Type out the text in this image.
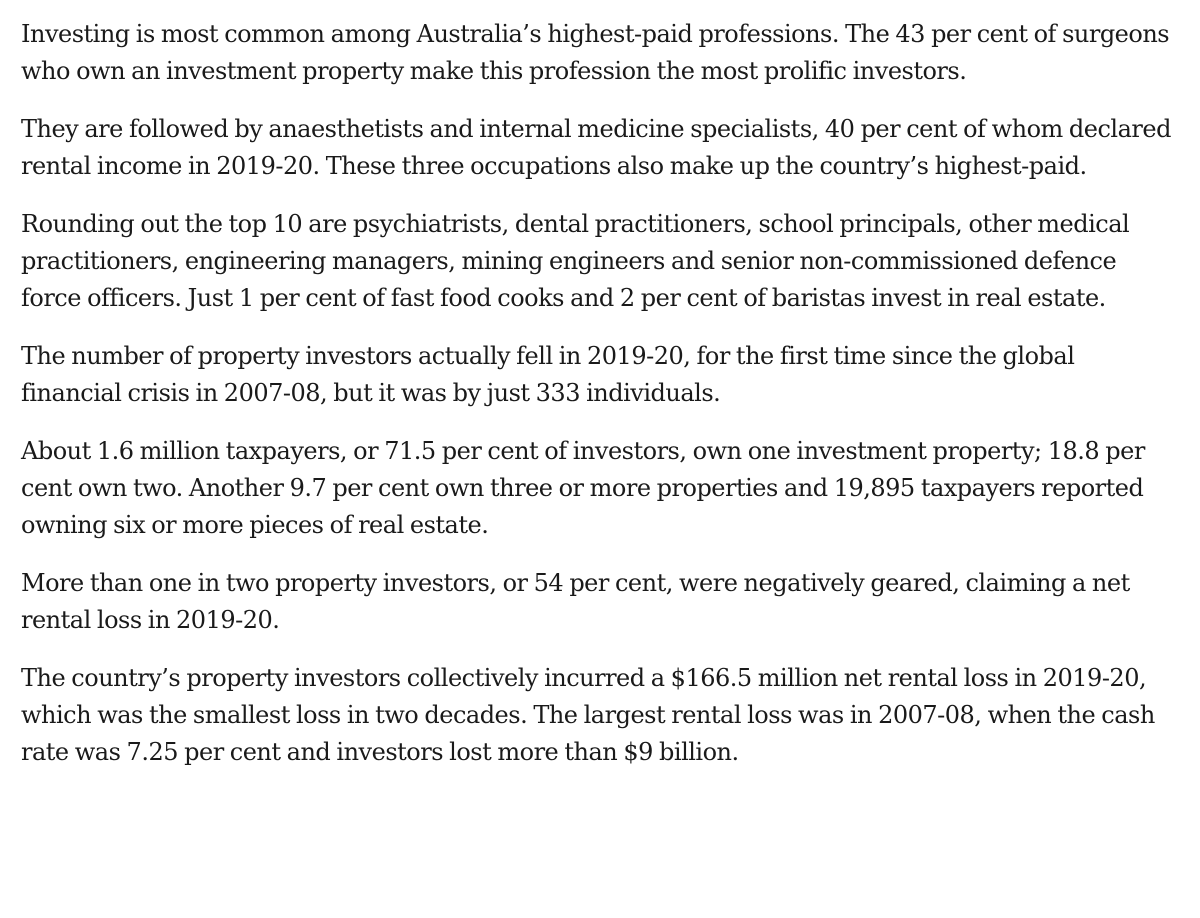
Investing is most common among Australia’s highest-paid professions. The 43 per cent of surgeons who own an investment property make this profession the most prolific investors.

They are followed by anaesthetists and internal medicine specialists, 40 per cent of whom declared rental income in 2019-20. These three occupations also make up the country’s highest-paid.

Rounding out the top 10 are psychiatrists, dental practitioners, school principals, other medical practitioners, engineering managers, mining engineers and senior non-commissioned defence force officers. Just 1 per cent of fast food cooks and 2 per cent of baristas invest in real estate.

The number of property investors actually fell in 2019-20, for the first time since the global financial crisis in 2007-08, but it was by just 333 individuals.

About 1.6 million taxpayers, or 71.5 per cent of investors, own one investment property; 18.8 per cent own two. Another 9.7 per cent own three or more properties and 19,895 taxpayers reported owning six or more pieces of real estate.

More than one in two property investors, or 54 per cent, were negatively geared, claiming a net rental loss in 2019-20.

The country’s property investors collectively incurred a $166.5 million net rental loss in 2019-20, which was the smallest loss in two decades. The largest rental loss was in 2007-08, when the cash rate was 7.25 per cent and investors lost more than $9 billion.
